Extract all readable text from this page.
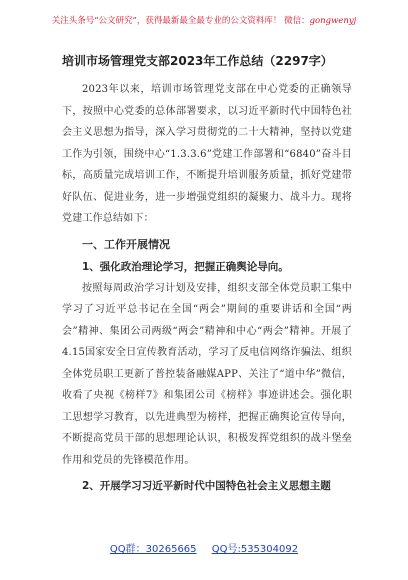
关注头条号“公文研究”，获得最新最全最专业的公文资料库！ 微信：gongwenyj
培训市场管理党支部2023年工作总结（2297字）

2023年以来，培训市场管理党支部在中心党委的正确领导下，按照中心党委的总体部署要求，以习近平新时代中国特色社会主义思想为指导，深入学习贯彻党的二十大精神，坚持以党建工作为引领，围绕中心“1.3.3.6”党建工作部署和“6840”奋斗目标，高质量完成培训工作，不断提升培训服务质量，抓好党建带好队伍、促进业务，进一步增强党组织的凝聚力、战斗力。现将党建工作总结如下：

一、工作开展情况
1、强化政治理论学习，把握正确舆论导向。

按照每周政治学习计划及安排，组织支部全体党员职工集中学习了习近平总书记在全国“两会”期间的重要讲话和全国“两会”精神、集团公司两级“两会”精神和中心“两会”精神。开展了4.15国家安全日宣传教育活动，学习了反电信网络诈骗法、组织全体党员职工更新了普控装备融媒APP、关注了“道中华”微信，收看了央视《榜样7》和集团公司《榜样》事迹讲述会。强化职工思想学习教育，以先进典型为榜样，把握正确舆论宣传导向，不断提高党员干部的思想理论认识，积极发挥党组织的战斗堡垒作用和党员的先锋模范作用。

2、开展学习习近平新时代中国特色社会主义思想主题
QQ群：30265665 QQ号:535304092
